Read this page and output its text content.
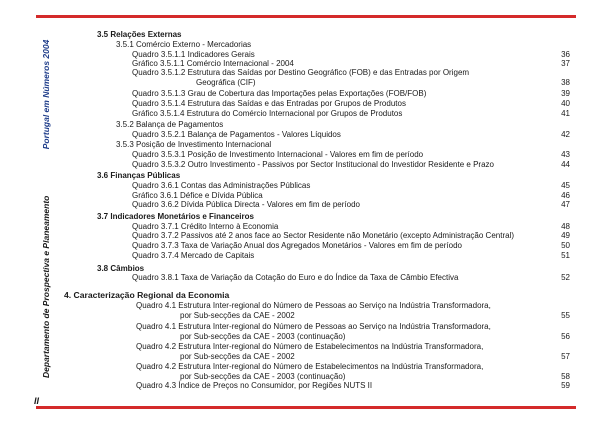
Departamento de Prospectiva e Planeamento Portugal em Números 2004
II
3.5 Relações Externas
3.5.1 Comércio Externo - Mercadorias
Quadro 3.5.1.1 Indicadores Gerais	36
Gráfico 3.5.1.1 Comércio Internacional - 2004	37
Quadro 3.5.1.2 Estrutura das Saídas por Destino Geográfico (FOB) e das Entradas por Origem
Geográfica (CIF)	38
Quadro 3.5.1.3 Grau de Cobertura das Importações pelas Exportações (FOB/FOB)	39
Quadro 3.5.1.4 Estrutura das Saídas e das Entradas por Grupos de Produtos	40
Gráfico 3.5.1.4 Estrutura do Comércio Internacional por Grupos de Produtos	41
3.5.2 Balança de Pagamentos
Quadro 3.5.2.1 Balança de Pagamentos - Valores Líquidos	42
3.5.3 Posição de Investimento Internacional
Quadro 3.5.3.1 Posição de Investimento Internacional - Valores em fim de período	43
Quadro 3.5.3.2 Outro Investimento - Passivos por Sector Institucional do Investidor Residente e Prazo	44
3.6 Finanças Públicas
Quadro 3.6.1 Contas das Administrações Públicas	45
Gráfico 3.6.1 Défice e Dívida Pública	46
Quadro 3.6.2 Dívida Pública Directa - Valores em fim de período	47
3.7 Indicadores Monetários e Financeiros
Quadro 3.7.1 Crédito Interno à Economia	48
Quadro 3.7.2 Passivos até 2 anos face ao Sector Residente não Monetário (excepto Administração Central)	49
Quadro 3.7.3 Taxa de Variação Anual dos Agregados Monetários - Valores em fim de período	50
Quadro 3.7.4 Mercado de Capitais	51
3.8 Câmbios
Quadro 3.8.1 Taxa de Variação da Cotação do Euro e do Índice da Taxa de Câmbio Efectiva	52
4. Caracterização Regional da Economia
Quadro 4.1 Estrutura Inter-regional do Número de Pessoas ao Serviço na Indústria Transformadora,
por Sub-secções da CAE - 2002	55
Quadro 4.1 Estrutura Inter-regional do Número de Pessoas ao Serviço na Indústria Transformadora,
por Sub-secções da CAE - 2003 (continuação)	56
Quadro 4.2 Estrutura Inter-regional do Número de Estabelecimentos na Indústria Transformadora,
por Sub-secções da CAE - 2002	57
Quadro 4.2 Estrutura Inter-regional do Número de Estabelecimentos na Indústria Transformadora,
por Sub-secções da CAE - 2003 (continuação)	58
Quadro 4.3 Índice de Preços no Consumidor, por Regiões NUTS II	59
